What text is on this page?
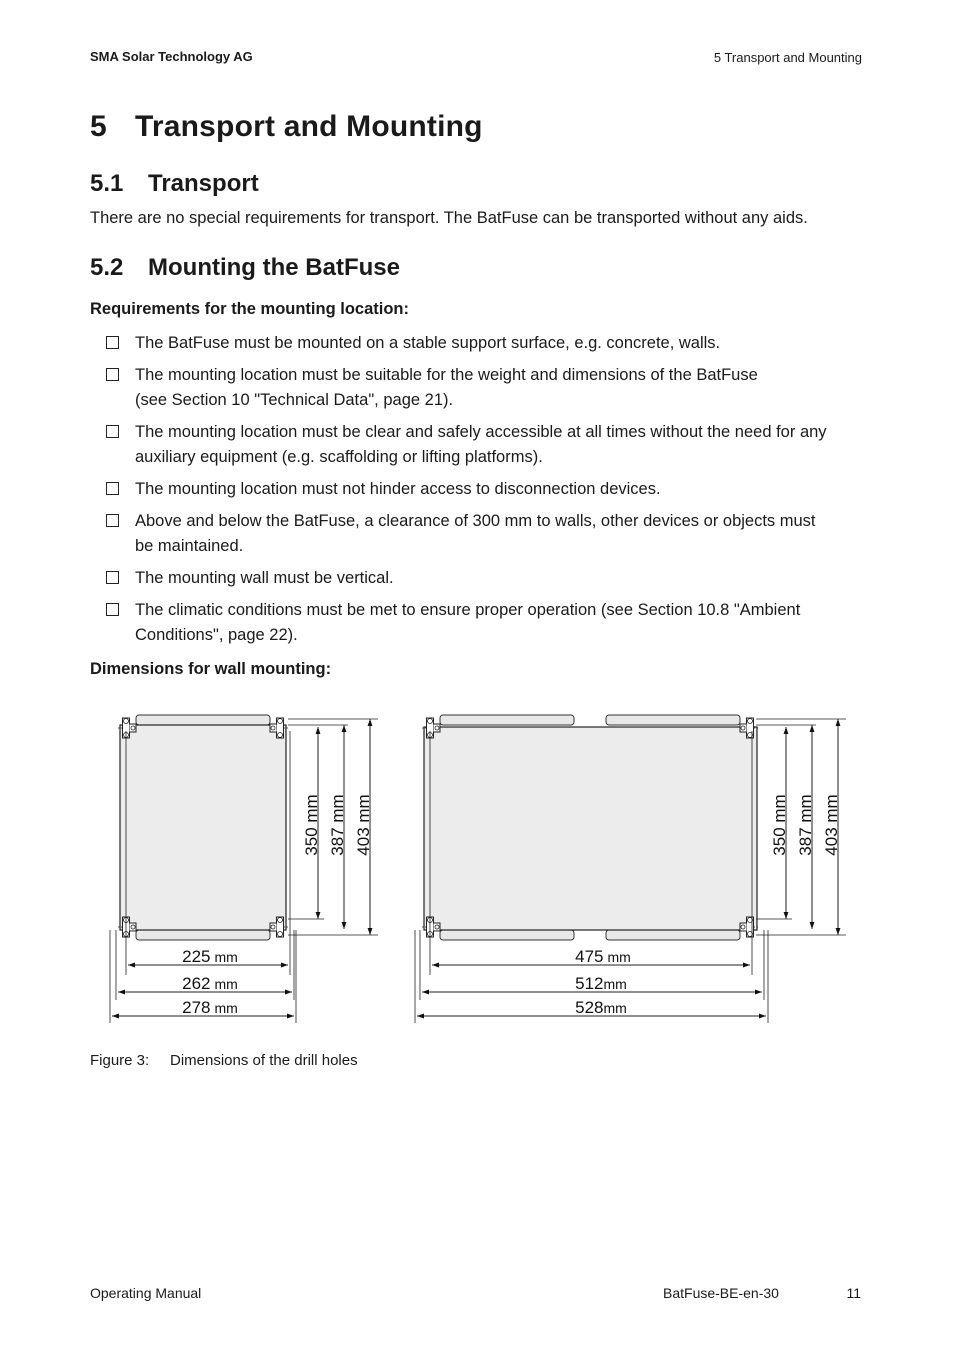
SMA Solar Technology AG	5 Transport and Mounting
5 Transport and Mounting
5.1 Transport

There are no special requirements for transport. The BatFuse can be transported without any aids.

5.2 Mounting the BatFuse
Requirements for the mounting location:
The BatFuse must be mounted on a stable support surface, e.g. concrete, walls.
The mounting location must be suitable for the weight and dimensions of the BatFuse
(see Section 10 "Technical Data", page 21).
The mounting location must be clear and safely accessible at all times without the need for any
auxiliary equipment (e.g. scaffolding or lifting platforms).
The mounting location must not hinder access to disconnection devices.
Above and below the BatFuse, a clearance of 300 mm to walls, other devices or objects must
be maintained.
The mounting wall must be vertical.
The climatic conditions must be met to ensure proper operation (see Section 10.8 "Ambient
Conditions", page 22).
Dimensions for wall mounting:
350 mm 387 mm 403 mm
225 mm
262 mm
278 mm
350 mm 387 mm 403 mm
475 mm
512mm
528mm
Figure 3: Dimensions of the drill holes
Operating Manual	BatFuse-BE-en-30	11
